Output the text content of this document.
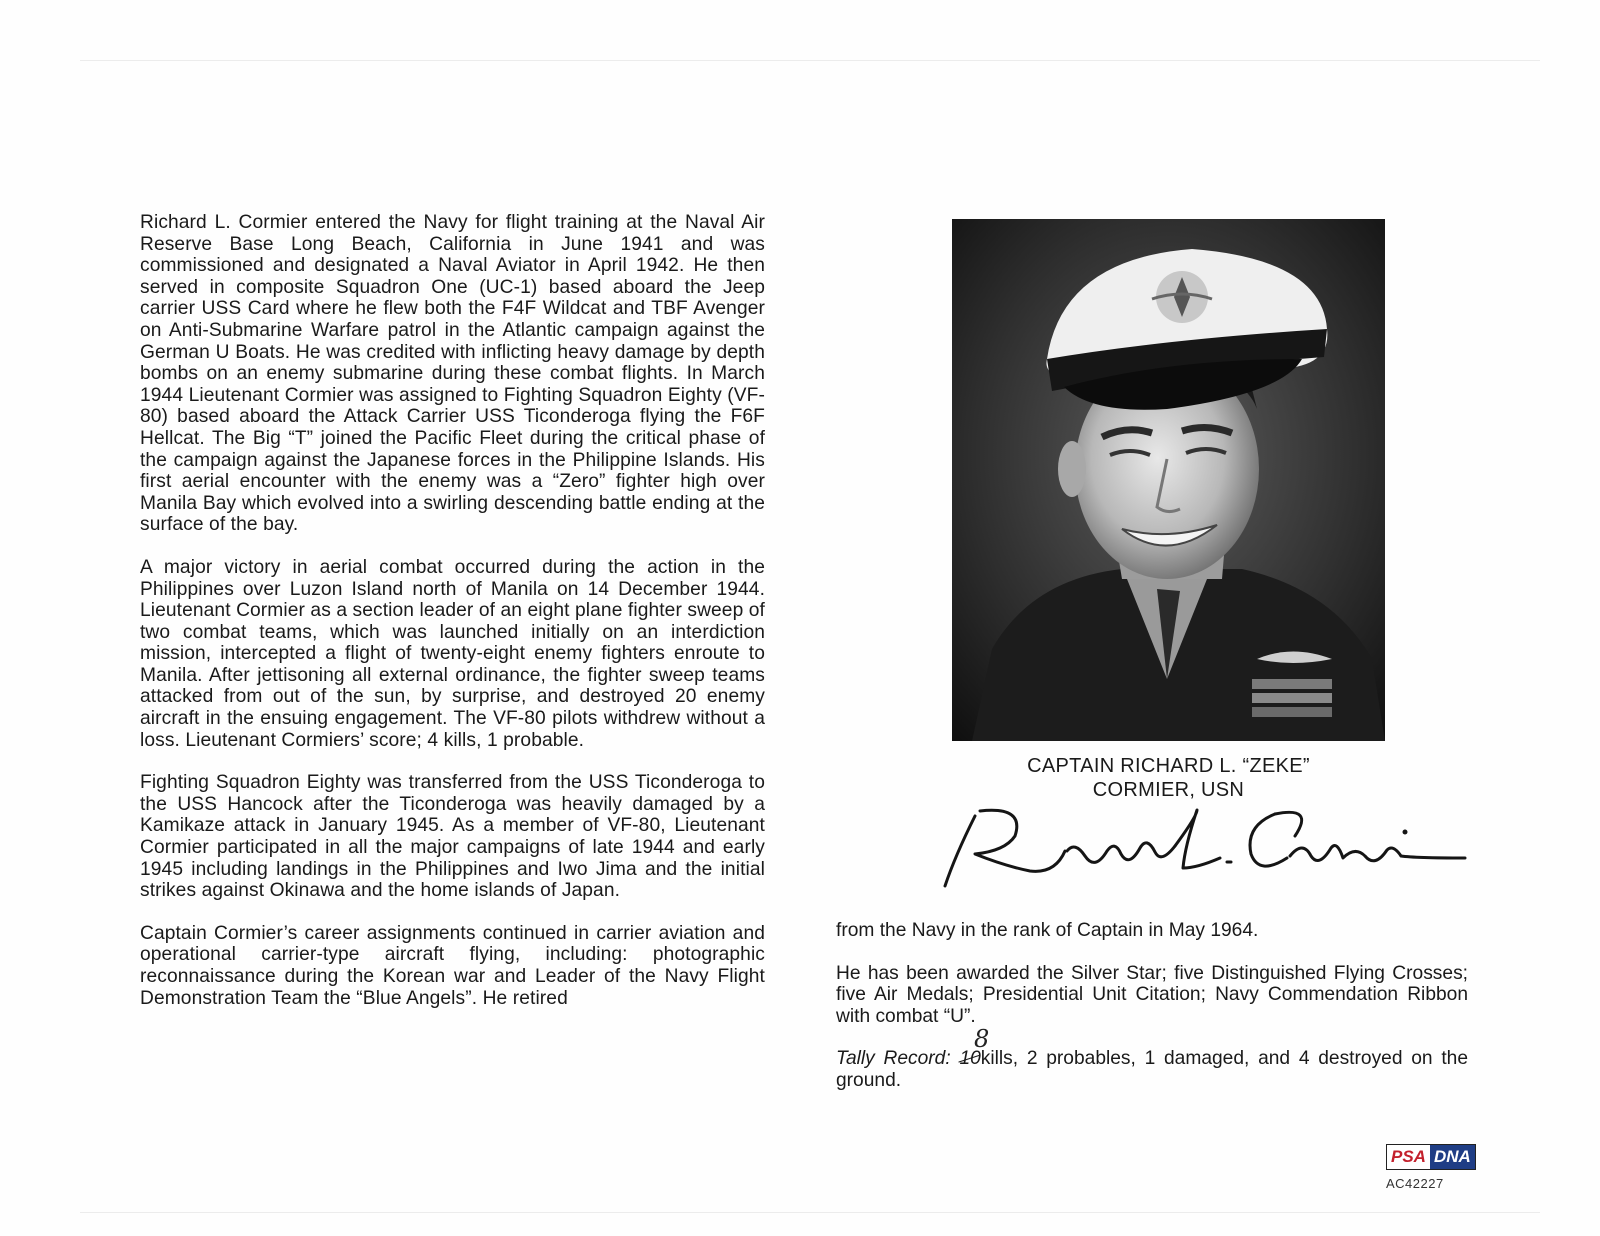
Richard L. Cormier entered the Navy for flight training at the Naval Air Reserve Base Long Beach, California in June 1941 and was commissioned and designated a Naval Aviator in April 1942. He then served in composite Squadron One (UC-1) based aboard the Jeep carrier USS Card where he flew both the F4F Wildcat and TBF Avenger on Anti-Submarine Warfare patrol in the Atlantic campaign against the German U Boats. He was credited with inflicting heavy damage by depth bombs on an enemy submarine during these combat flights. In March 1944 Lieutenant Cormier was assigned to Fighting Squadron Eighty (VF-80) based aboard the Attack Carrier USS Ticonderoga flying the F6F Hellcat. The Big “T” joined the Pacific Fleet during the critical phase of the campaign against the Japanese forces in the Philippine Islands. His first aerial encounter with the enemy was a “Zero” fighter high over Manila Bay which evolved into a swirling descending battle ending at the surface of the bay.

A major victory in aerial combat occurred during the action in the Philippines over Luzon Island north of Manila on 14 December 1944. Lieutenant Cormier as a section leader of an eight plane fighter sweep of two combat teams, which was launched initially on an interdiction mission, intercepted a flight of twenty-eight enemy fighters enroute to Manila. After jettisoning all external ordinance, the fighter sweep teams attacked from out of the sun, by surprise, and destroyed 20 enemy aircraft in the ensuing engagement. The VF-80 pilots withdrew without a loss. Lieutenant Cormiers’ score; 4 kills, 1 probable.

Fighting Squadron Eighty was transferred from the USS Ticonderoga to the USS Hancock after the Ticonderoga was heavily damaged by a Kamikaze attack in January 1945. As a member of VF-80, Lieutenant Cormier participated in all the major campaigns of late 1944 and early 1945 including landings in the Philippines and Iwo Jima and the initial strikes against Okinawa and the home islands of Japan.

Captain Cormier’s career assignments continued in carrier aviation and operational carrier-type aircraft flying, including: photographic reconnaissance during the Korean war and Leader of the Navy Flight Demonstration Team the “Blue Angels”. He retired

CAPTAIN RICHARD L. “ZEKE”
CORMIER, USN

from the Navy in the rank of Captain in May 1964.

He has been awarded the Silver Star; five Distinguished Flying Crosses; five Air Medals; Presidential Unit Citation; Navy Commendation Ribbon with combat “U”.

Tally Record: 10kills, 2 probables, 1 damaged, and 4 destroyed on the ground.

8
PSA DNA
AC42227
